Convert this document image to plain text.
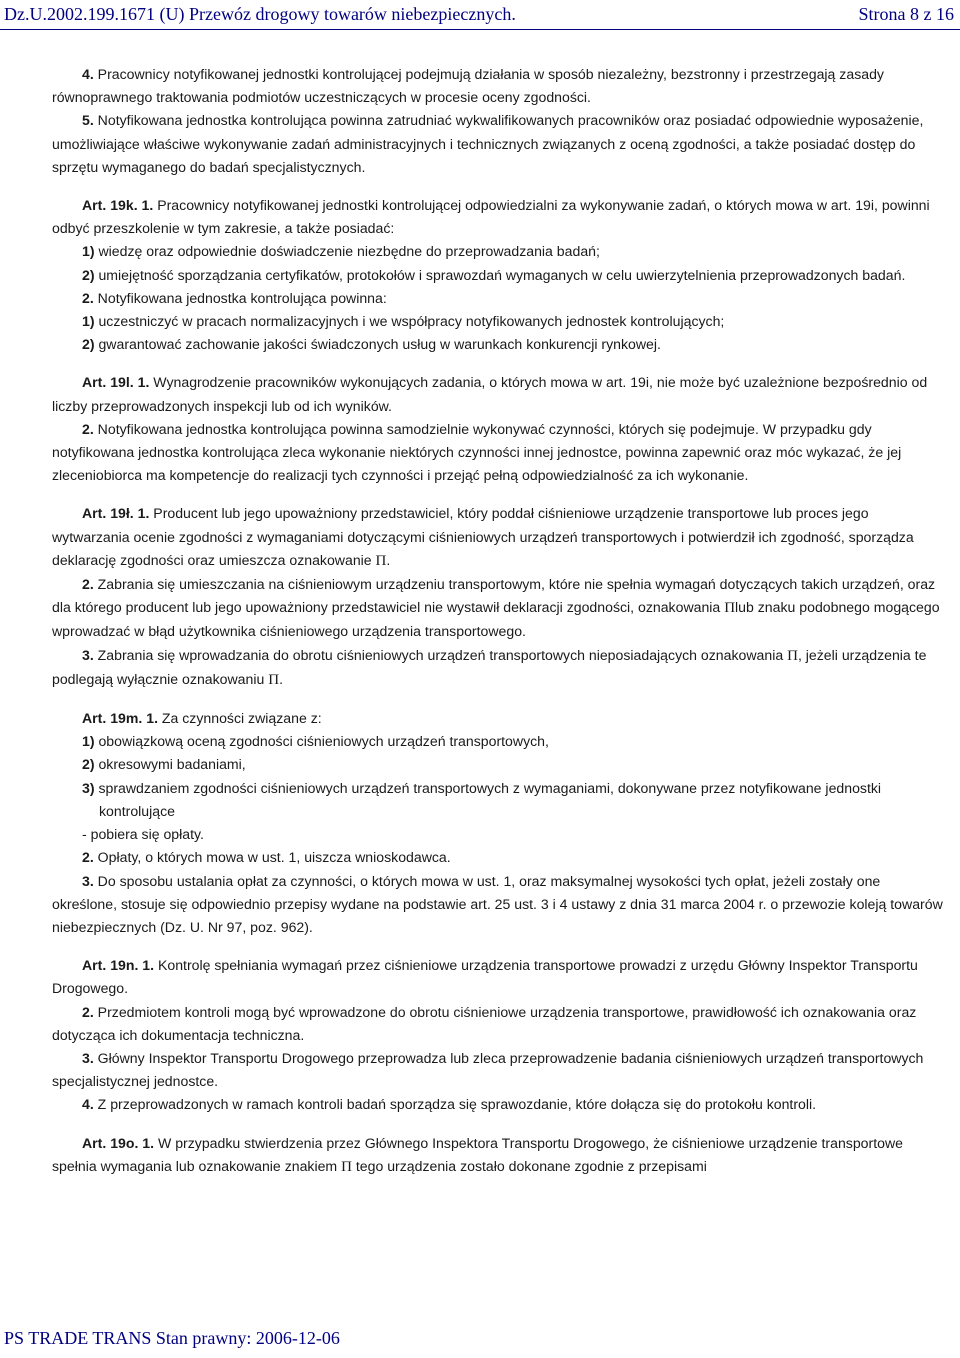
Dz.U.2002.199.1671 (U) Przewóz drogowy towarów niebezpiecznych.	Strona 8 z 16

4. Pracownicy notyfikowanej jednostki kontrolującej podejmują działania w sposób niezależny, bezstronny i przestrzegają zasady równoprawnego traktowania podmiotów uczestniczących w procesie oceny zgodności.

5. Notyfikowana jednostka kontrolująca powinna zatrudniać wykwalifikowanych pracowników oraz posiadać odpowiednie wyposażenie, umożliwiające właściwe wykonywanie zadań administracyjnych i technicznych związanych z oceną zgodności, a także posiadać dostęp do sprzętu wymaganego do badań specjalistycznych.

Art. 19k. 1. Pracownicy notyfikowanej jednostki kontrolującej odpowiedzialni za wykonywanie zadań, o których mowa w art. 19i, powinni odbyć przeszkolenie w tym zakresie, a także posiadać:

1) wiedzę oraz odpowiednie doświadczenie niezbędne do przeprowadzania badań;

2) umiejętność sporządzania certyfikatów, protokołów i sprawozdań wymaganych w celu uwierzytelnienia przeprowadzonych badań.

2. Notyfikowana jednostka kontrolująca powinna:

1) uczestniczyć w pracach normalizacyjnych i we współpracy notyfikowanych jednostek kontrolujących;

2) gwarantować zachowanie jakości świadczonych usług w warunkach konkurencji rynkowej.

Art. 19l. 1. Wynagrodzenie pracowników wykonujących zadania, o których mowa w art. 19i, nie może być uzależnione bezpośrednio od liczby przeprowadzonych inspekcji lub od ich wyników.

2. Notyfikowana jednostka kontrolująca powinna samodzielnie wykonywać czynności, których się podejmuje. W przypadku gdy notyfikowana jednostka kontrolująca zleca wykonanie niektórych czynności innej jednostce, powinna zapewnić oraz móc wykazać, że jej zleceniobiorca ma kompetencje do realizacji tych czynności i przejąć pełną odpowiedzialność za ich wykonanie.

Art. 19ł. 1. Producent lub jego upoważniony przedstawiciel, który poddał ciśnieniowe urządzenie transportowe lub proces jego wytwarzania ocenie zgodności z wymaganiami dotyczącymi ciśnieniowych urządzeń transportowych i potwierdził ich zgodność, sporządza deklarację zgodności oraz umieszcza oznakowanie Π.

2. Zabrania się umieszczania na ciśnieniowym urządzeniu transportowym, które nie spełnia wymagań dotyczących takich urządzeń, oraz dla którego producent lub jego upoważniony przedstawiciel nie wystawił deklaracji zgodności, oznakowania Πlub znaku podobnego mogącego wprowadzać w błąd użytkownika ciśnieniowego urządzenia transportowego.

3. Zabrania się wprowadzania do obrotu ciśnieniowych urządzeń transportowych nieposiadających oznakowania Π, jeżeli urządzenia te podlegają wyłącznie oznakowaniu Π.

Art. 19m. 1. Za czynności związane z:

1) obowiązkową oceną zgodności ciśnieniowych urządzeń transportowych,

2) okresowymi badaniami,

3) sprawdzaniem zgodności ciśnieniowych urządzeń transportowych z wymaganiami, dokonywane przez notyfikowane jednostki kontrolujące

- pobiera się opłaty.

2. Opłaty, o których mowa w ust. 1, uiszcza wnioskodawca.

3. Do sposobu ustalania opłat za czynności, o których mowa w ust. 1, oraz maksymalnej wysokości tych opłat, jeżeli zostały one określone, stosuje się odpowiednio przepisy wydane na podstawie art. 25 ust. 3 i 4 ustawy z dnia 31 marca 2004 r. o przewozie koleją towarów niebezpiecznych (Dz. U. Nr 97, poz. 962).

Art. 19n. 1. Kontrolę spełniania wymagań przez ciśnieniowe urządzenia transportowe prowadzi z urzędu Główny Inspektor Transportu Drogowego.

2. Przedmiotem kontroli mogą być wprowadzone do obrotu ciśnieniowe urządzenia transportowe, prawidłowość ich oznakowania oraz dotycząca ich dokumentacja techniczna.

3. Główny Inspektor Transportu Drogowego przeprowadza lub zleca przeprowadzenie badania ciśnieniowych urządzeń transportowych specjalistycznej jednostce.

4. Z przeprowadzonych w ramach kontroli badań sporządza się sprawozdanie, które dołącza się do protokołu kontroli.

Art. 19o. 1. W przypadku stwierdzenia przez Głównego Inspektora Transportu Drogowego, że ciśnieniowe urządzenie transportowe spełnia wymagania lub oznakowanie znakiem Π tego urządzenia zostało dokonane zgodnie z przepisami

PS TRADE TRANS Stan prawny: 2006-12-06
